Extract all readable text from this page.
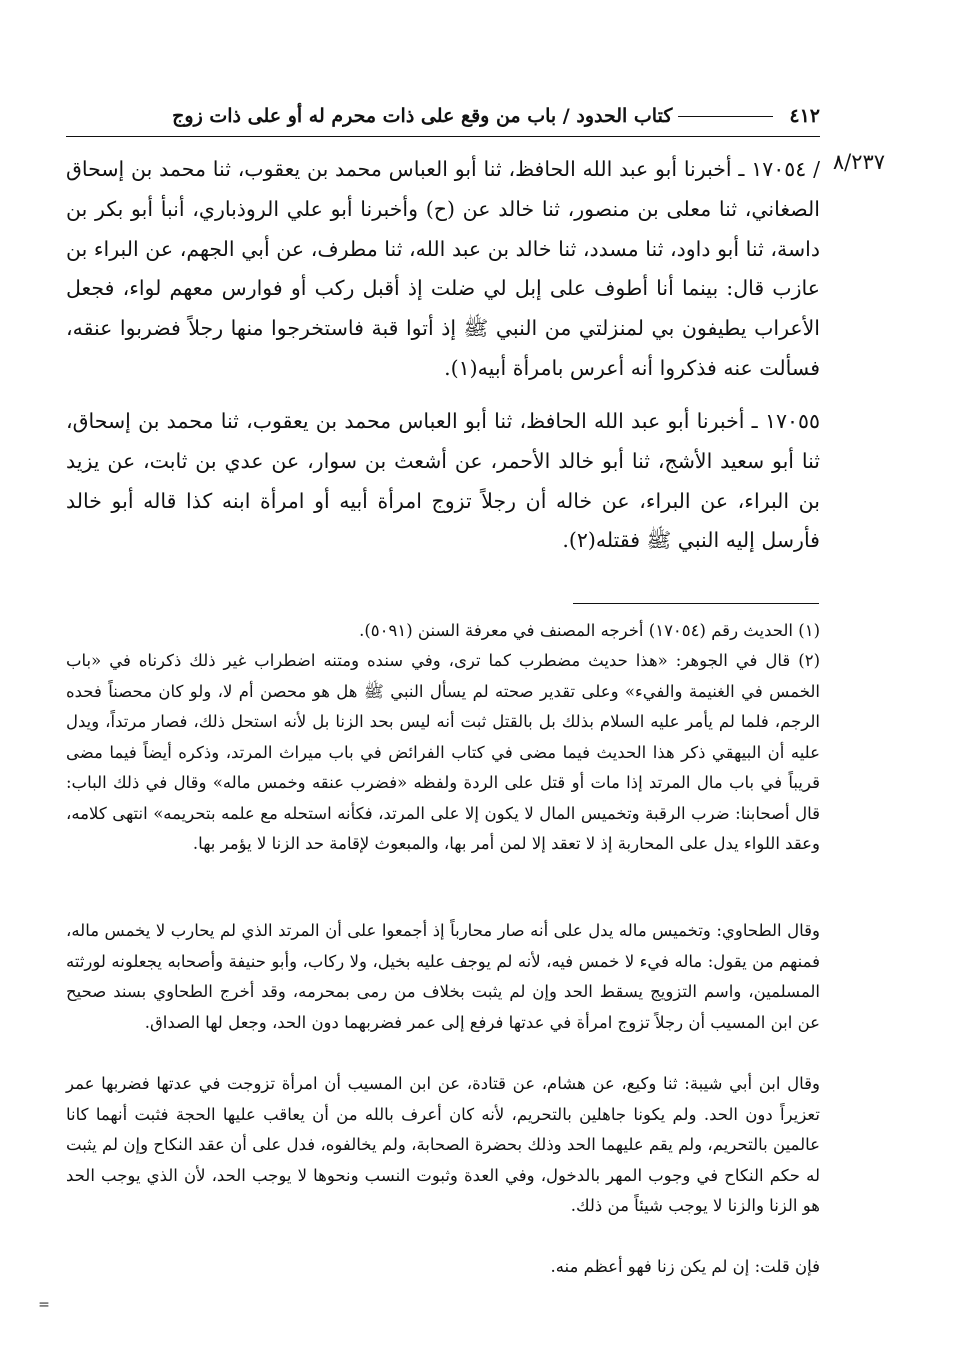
٤١٢
كتاب الحدود / باب من وقع على ذات محرم له أو على ذات زوج
٨/٢٣٧

/ ١٧٠٥٤ ـ أخبرنا أبو عبد الله الحافظ، ثنا أبو العباس محمد بن يعقوب، ثنا محمد بن إسحاق الصغاني، ثنا معلى بن منصور، ثنا خالد عن (ح) وأخبرنا أبو علي الروذباري، أنبأ أبو بكر بن داسة، ثنا أبو داود، ثنا مسدد، ثنا خالد بن عبد الله، ثنا مطرف، عن أبي الجهم، عن البراء بن عازب قال: بينما أنا أطوف على إبل لي ضلت إذ أقبل ركب أو فوارس معهم لواء، فجعل الأعراب يطيفون بي لمنزلتي من النبي ﷺ إذ أتوا قبة فاستخرجوا منها رجلاً فضربوا عنقه، فسألت عنه فذكروا أنه أعرس بامرأة أبيه(١).

١٧٠٥٥ ـ أخبرنا أبو عبد الله الحافظ، ثنا أبو العباس محمد بن يعقوب، ثنا محمد بن إسحاق، ثنا أبو سعيد الأشج، ثنا أبو خالد الأحمر، عن أشعث بن سوار، عن عدي بن ثابت، عن يزيد بن البراء، عن البراء، عن خاله أن رجلاً تزوج امرأة أبيه أو امرأة ابنه كذا قاله أبو خالد فأرسل إليه النبي ﷺ فقتله(٢).

(١) الحديث رقم (١٧٠٥٤) أخرجه المصنف في معرفة السنن (٥٠٩١).

(٢) قال في الجوهر: «هذا حديث مضطرب كما ترى، وفي سنده ومتنه اضطراب غير ذلك ذكرناه في «باب الخمس في الغنيمة والفيء» وعلى تقدير صحته لم يسأل النبي ﷺ هل هو محصن أم لا، ولو كان محصناً فحده الرجم، فلما لم يأمر عليه السلام بذلك بل بالقتل ثبت أنه ليس بحد الزنا بل لأنه استحل ذلك، فصار مرتداً، ويدل عليه أن البيهقي ذكر هذا الحديث فيما مضى في كتاب الفرائض في باب ميراث المرتد، وذكره أيضاً فيما مضى قريباً في باب مال المرتد إذا مات أو قتل على الردة ولفظه «فضرب عنقه وخمس ماله» وقال في ذلك الباب: قال أصحابنا: ضرب الرقبة وتخميس المال لا يكون إلا على المرتد، فكأنه استحله مع علمه بتحريمه» انتهى كلامه، وعقد اللواء يدل على المحاربة إذ لا تعقد إلا لمن أمر بها، والمبعوث لإقامة حد الزنا لا يؤمر بها.

وقال الطحاوي: وتخميس ماله يدل على أنه صار محارباً إذ أجمعوا على أن المرتد الذي لم يحارب لا يخمس ماله، فمنهم من يقول: ماله فيء لا خمس فيه، لأنه لم يوجف عليه بخيل، ولا ركاب، وأبو حنيفة وأصحابه يجعلونه لورثته المسلمين، واسم التزويج يسقط الحد وإن لم يثبت بخلاف من رمى بمحرمه، وقد أخرج الطحاوي بسند صحيح عن ابن المسيب أن رجلاً تزوج امرأة في عدتها فرفع إلى عمر فضربهما دون الحد، وجعل لها الصداق.

وقال ابن أبي شيبة: ثنا وكيع، عن هشام، عن قتادة، عن ابن المسيب أن امرأة تزوجت في عدتها فضربها عمر تعزيراً دون الحد. ولم يكونا جاهلين بالتحريم، لأنه كان أعرف بالله من أن يعاقب عليها الحجة فثبت أنهما كانا عالمين بالتحريم، ولم يقم عليهما الحد وذلك بحضرة الصحابة، ولم يخالفوه، فدل على أن عقد النكاح وإن لم يثبت له حكم النكاح في وجوب المهر بالدخول، وفي العدة وثبوت النسب ونحوها لا يوجب الحد، لأن الذي يوجب الحد هو الزنا والزنا لا يوجب شيئاً من ذلك.

فإن قلت: إن لم يكن زنا فهو أعظم منه.

=
